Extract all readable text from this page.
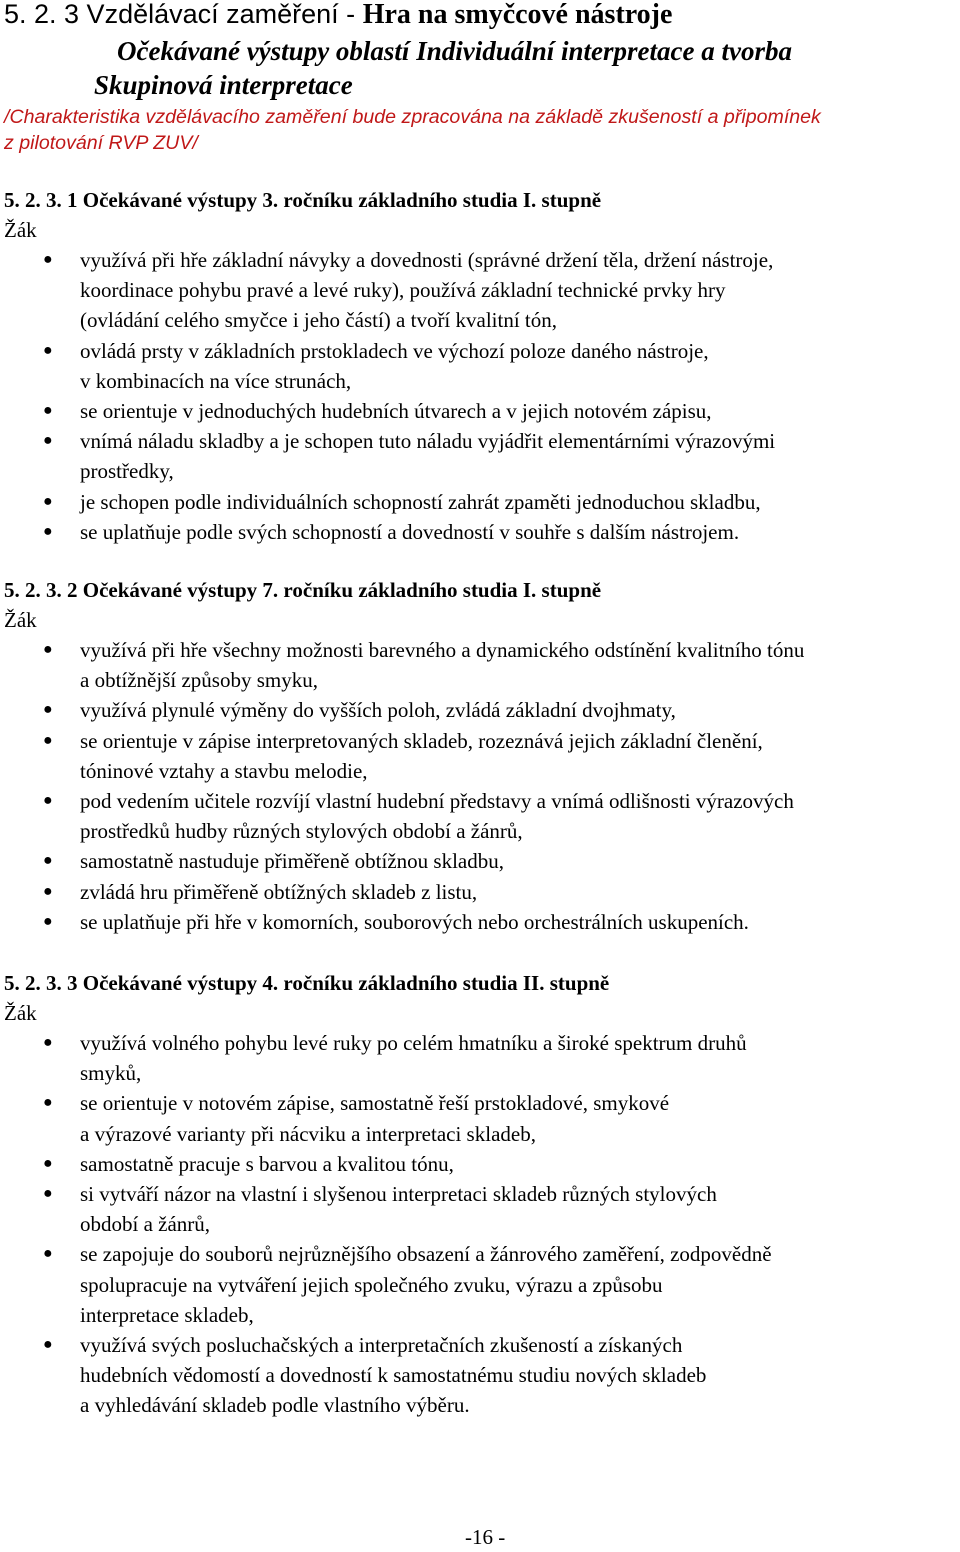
5. 2. 3 Vzdělávací zaměření - Hra na smyčcové nástroje
Očekávané výstupy oblastí Individuální interpretace a tvorba
Skupinová interpretace

/Charakteristika vzdělávacího zaměření bude zpracována na základě zkušeností a připomínek

z pilotování RVP ZUV/

5. 2. 3. 1 Očekávané výstupy 3. ročníku základního studia I. stupně

Žák

● využívá při hře základní návyky a dovednosti (správné držení těla, držení nástroje,
koordinace pohybu pravé a levé ruky), používá základní technické prvky hry
(ovládání celého smyčce i jeho částí) a tvoří kvalitní tón,
● ovládá prsty v základních prstokladech ve výchozí poloze daného nástroje,
v kombinacích na více strunách,
● se orientuje v jednoduchých hudebních útvarech a v jejich notovém zápisu,
● vnímá náladu skladby a je schopen tuto náladu vyjádřit elementárními výrazovými
prostředky,
● je schopen podle individuálních schopností zahrát zpaměti jednoduchou skladbu,
● se uplatňuje podle svých schopností a dovedností v souhře s dalším nástrojem.
5. 2. 3. 2 Očekávané výstupy 7. ročníku základního studia I. stupně

Žák

● využívá při hře všechny možnosti barevného a dynamického odstínění kvalitního tónu
a obtížnější způsoby smyku,
● využívá plynulé výměny do vyšších poloh, zvládá základní dvojhmaty,
● se orientuje v zápise interpretovaných skladeb, rozeznává jejich základní členění,
tóninové vztahy a stavbu melodie,
● pod vedením učitele rozvíjí vlastní hudební představy a vnímá odlišnosti výrazových
prostředků hudby různých stylových období a žánrů,
● samostatně nastuduje přiměřeně obtížnou skladbu,
● zvládá hru přiměřeně obtížných skladeb z listu,
● se uplatňuje při hře v komorních, souborových nebo orchestrálních uskupeních.
5. 2. 3. 3 Očekávané výstupy 4. ročníku základního studia II. stupně

Žák

● využívá volného pohybu levé ruky po celém hmatníku a široké spektrum druhů
smyků,
● se orientuje v notovém zápise, samostatně řeší prstokladové, smykové
a výrazové varianty při nácviku a interpretaci skladeb,
● samostatně pracuje s barvou a kvalitou tónu,
● si vytváří názor na vlastní i slyšenou interpretaci skladeb různých stylových
období a žánrů,
● se zapojuje do souborů nejrůznějšího obsazení a žánrového zaměření, zodpovědně
spolupracuje na vytváření jejich společného zvuku, výrazu a způsobu
interpretace skladeb,
● využívá svých posluchačských a interpretačních zkušeností a získaných
hudebních vědomostí a dovedností k samostatnému studiu nových skladeb
a vyhledávání skladeb podle vlastního výběru.
-16 -
